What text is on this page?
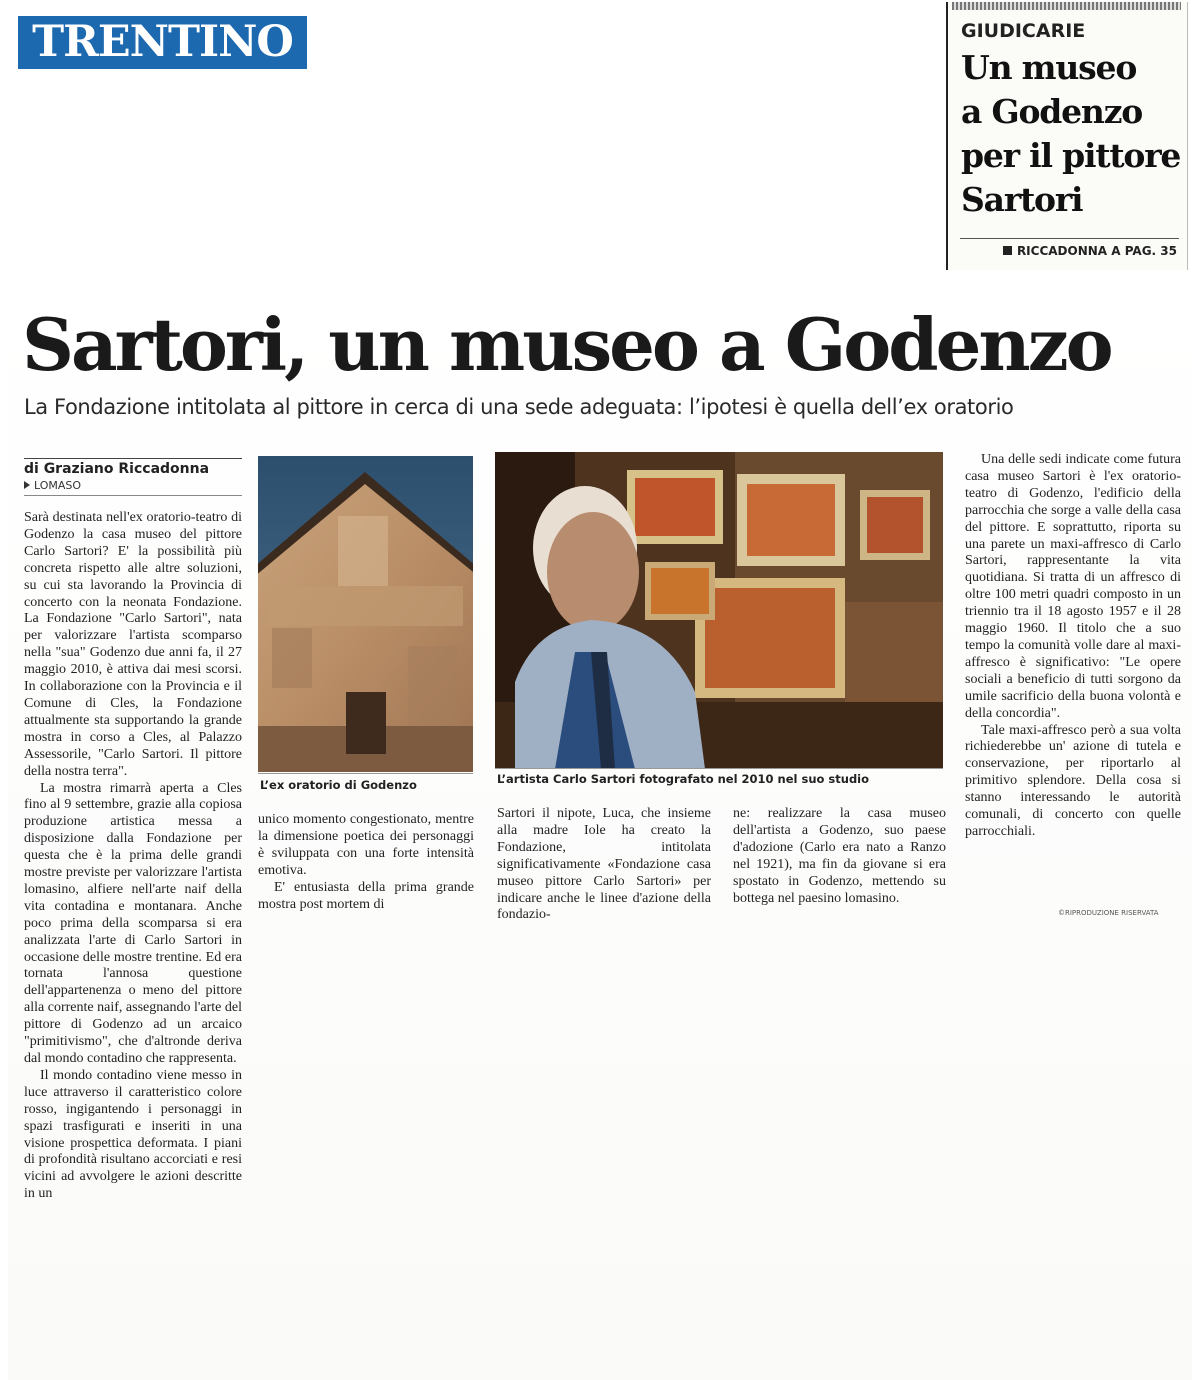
TRENTINO	GIUDICARIE
Un museo
a Godenzo
per il pittore
Sartori
RICCADONNA A PAG. 35
Sartori, un museo a Godenzo
La Fondazione intitolata al pittore in cerca di una sede adeguata: l’ipotesi è quella dell’ex oratorio
di Graziano Riccadonna
LOMASO

Sarà destinata nell'ex oratorio-teatro di Godenzo la casa museo del pittore Carlo Sartori? E' la possibilità più concreta rispetto alle altre soluzioni, su cui sta lavorando la Provincia di concerto con la neonata Fondazione. La Fondazione "Carlo Sartori", nata per valorizzare l'artista scomparso nella "sua" Godenzo due anni fa, il 27 maggio 2010, è attiva dai mesi scorsi. In collaborazione con la Provincia e il Comune di Cles, la Fondazione attualmente sta supportando la grande mostra in corso a Cles, al Palazzo Assessorile, "Carlo Sartori. Il pittore della nostra terra".

La mostra rimarrà aperta a Cles fino al 9 settembre, grazie alla copiosa produzione artistica messa a disposizione dalla Fondazione per questa che è la prima delle grandi mostre previste per valorizzare l'artista lomasino, alfiere nell'arte naif della vita contadina e montanara. Anche poco prima della scomparsa si era analizzata l'arte di Carlo Sartori in occasione delle mostre trentine. Ed era tornata l'annosa questione dell'appartenenza o meno del pittore alla corrente naif, assegnando l'arte del pittore di Godenzo ad un arcaico "primitivismo", che d'altronde deriva dal mondo contadino che rappresenta.

Il mondo contadino viene messo in luce attraverso il caratteristico colore rosso, ingigantendo i personaggi in spazi trasfigurati e inseriti in una visione prospettica deformata. I piani di profondità risultano accorciati e resi vicini ad avvolgere le azioni descritte in un

L’ex oratorio di Godenzo	L’artista Carlo Sartori fotografato nel 2010 nel suo studio

unico momento congestionato, mentre la dimensione poetica dei personaggi è sviluppata con una forte intensità emotiva.

E' entusiasta della prima grande mostra post mortem di

Sartori il nipote, Luca, che insieme alla madre Iole ha creato la Fondazione, intitolata significativamente «Fondazione casa museo pittore Carlo Sartori» per indicare anche le linee d'azione della fondazio-

ne: realizzare la casa museo dell'artista a Godenzo, suo paese d'adozione (Carlo era nato a Ranzo nel 1921), ma fin da giovane si era spostato in Godenzo, mettendo su bottega nel paesino lomasino.

Una delle sedi indicate come futura casa museo Sartori è l'ex oratorio-teatro di Godenzo, l'edificio della parrocchia che sorge a valle della casa del pittore. E soprattutto, riporta su una parete un maxi-affresco di Carlo Sartori, rappresentante la vita quotidiana. Si tratta di un affresco di oltre 100 metri quadri composto in un triennio tra il 18 agosto 1957 e il 28 maggio 1960. Il titolo che a suo tempo la comunità volle dare al maxi-affresco è significativo: "Le opere sociali a beneficio di tutti sorgono da umile sacrificio della buona volontà e della concordia".

Tale maxi-affresco però a sua volta richiederebbe un' azione di tutela e conservazione, per riportarlo al primitivo splendore. Della cosa si stanno interessando le autorità comunali, di concerto con quelle parrocchiali.

©RIPRODUZIONE RISERVATA
